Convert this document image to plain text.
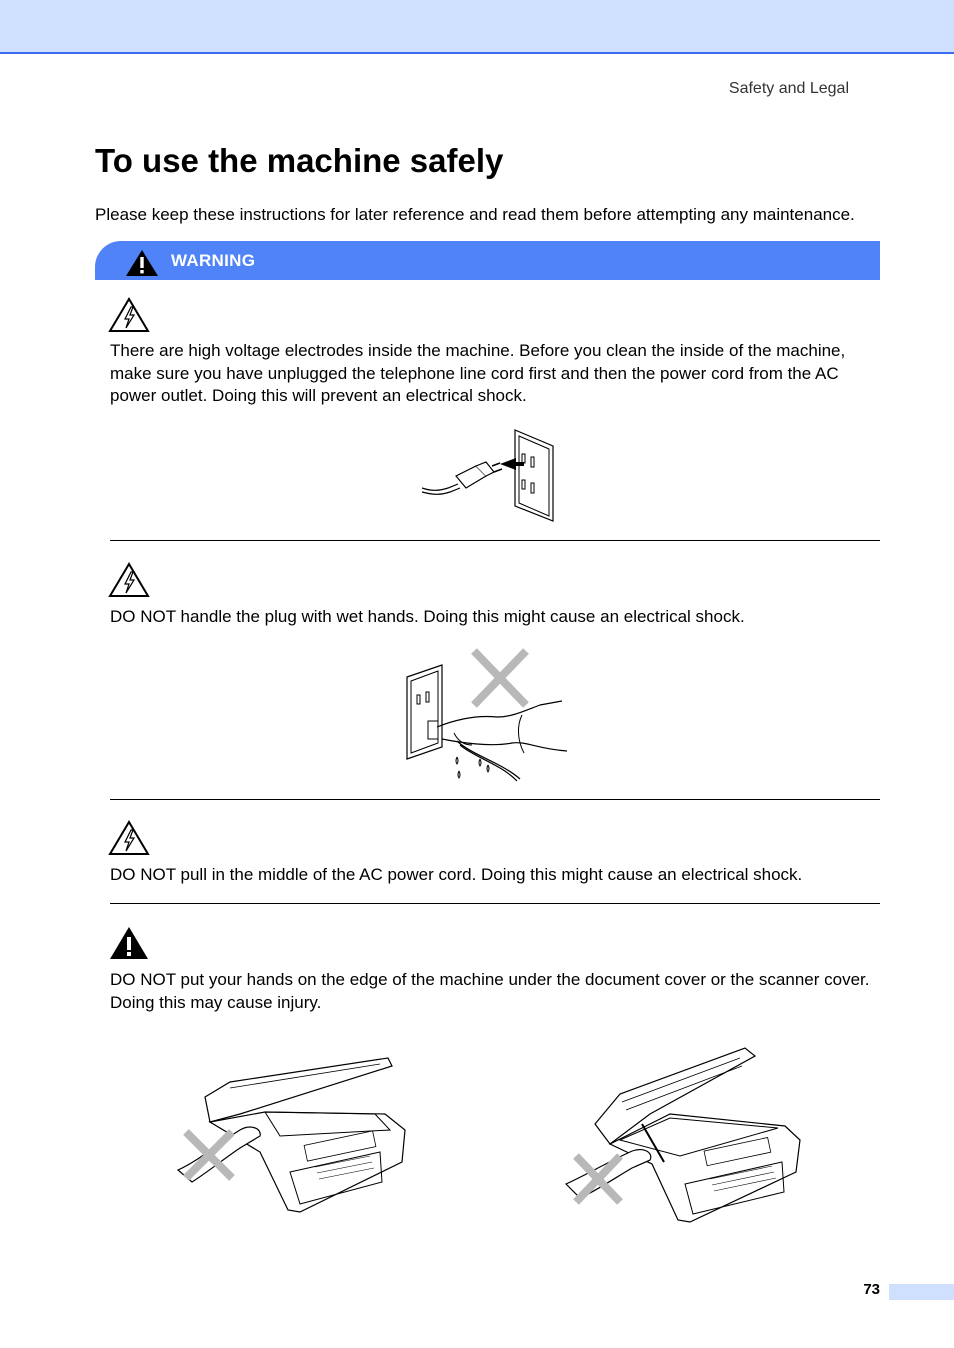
Safety and Legal
To use the machine safely

Please keep these instructions for later reference and read them before attempting any maintenance.

WARNING

There are high voltage electrodes inside the machine. Before you clean the inside of the machine, make sure you have unplugged the telephone line cord first and then the power cord from the AC power outlet. Doing this will prevent an electrical shock.

DO NOT handle the plug with wet hands. Doing this might cause an electrical shock.

DO NOT pull in the middle of the AC power cord. Doing this might cause an electrical shock.

DO NOT put your hands on the edge of the machine under the document cover or the scanner cover. Doing this may cause injury.

73
